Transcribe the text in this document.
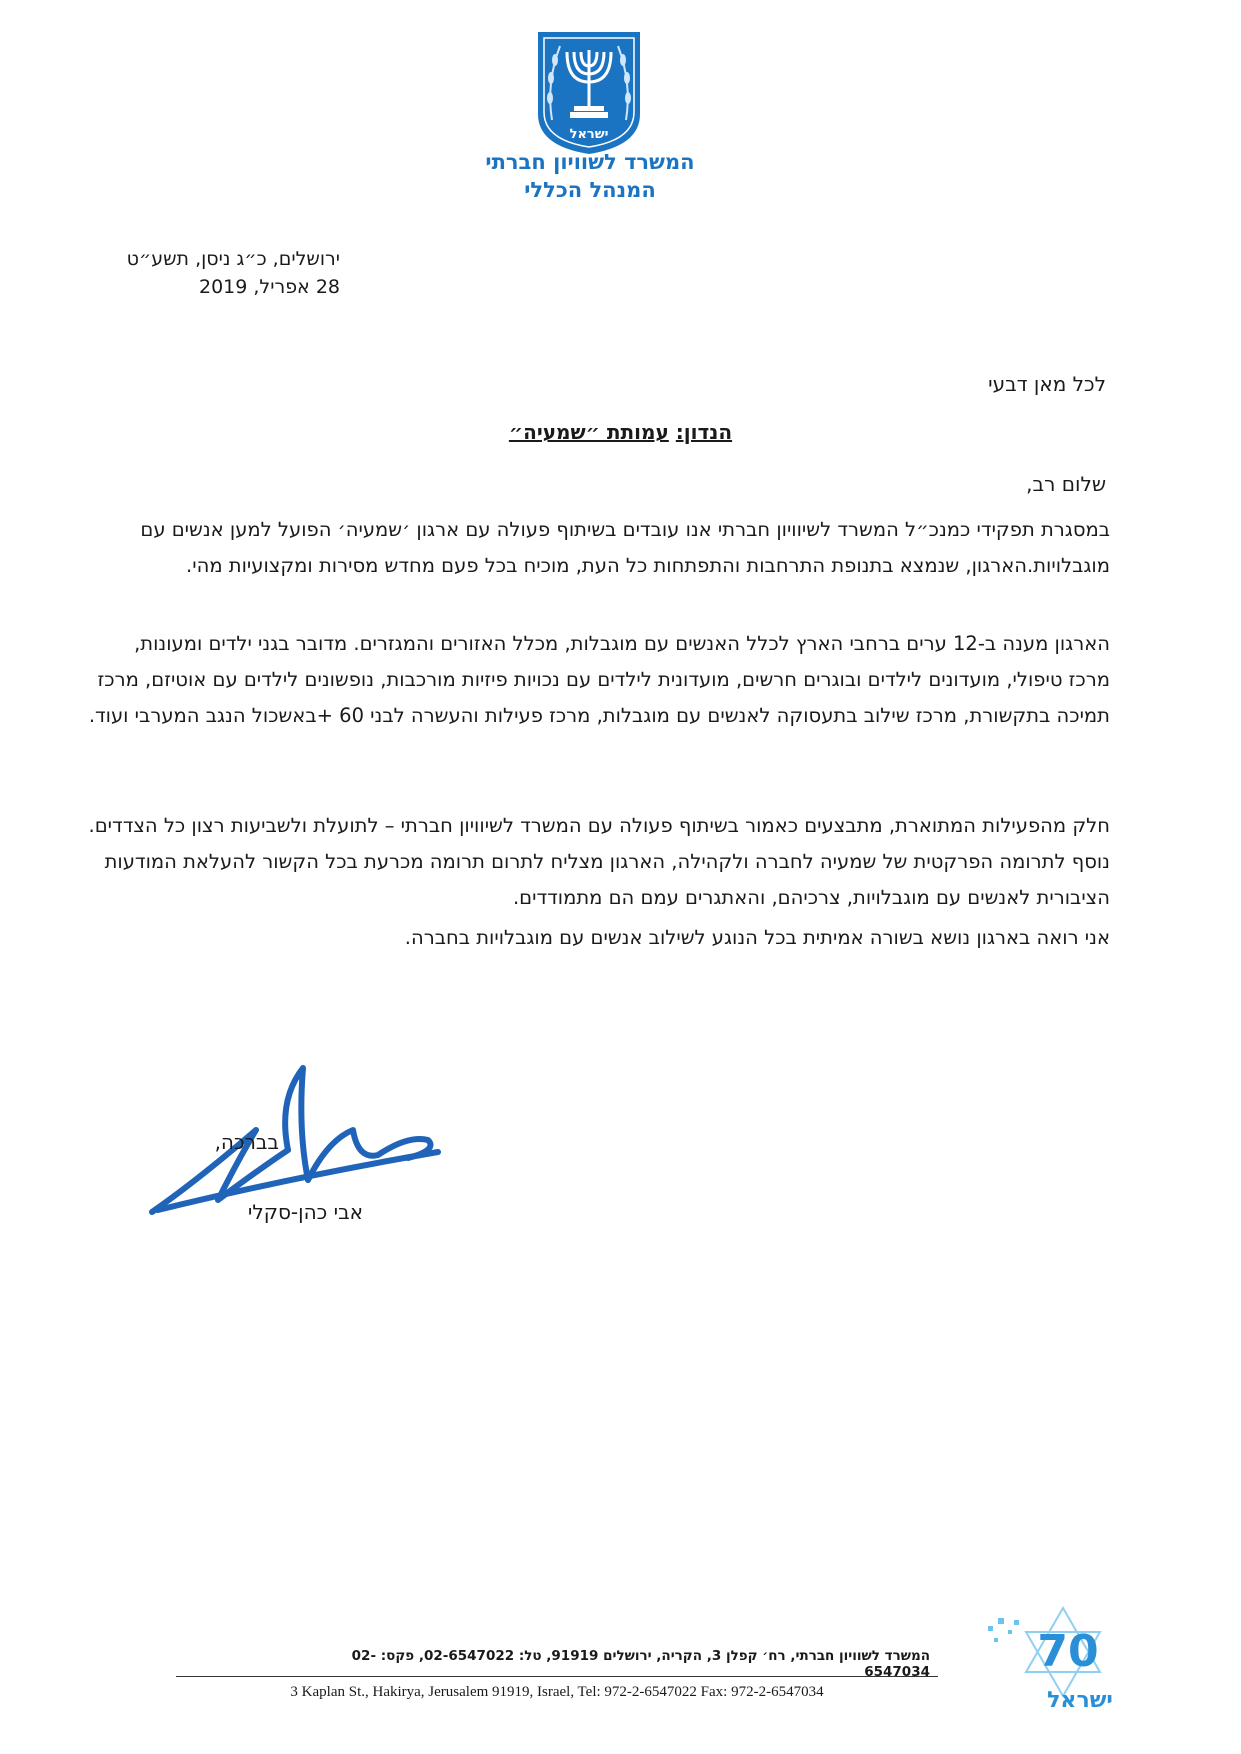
ישראל
המשרד לשוויון חברתי
המנהל הכללי
ירושלים, כ״ג ניסן, תשע״ט
28 אפריל, 2019
לכל מאן דבעי
הנדון: עמותת ״שמעיה״
שלום רב,

במסגרת תפקידי כמנכ״ל המשרד לשיוויון חברתי אנו עובדים בשיתוף פעולה עם ארגון ׳שמעיה׳ הפועל למען אנשים עם מוגבלויות.הארגון, שנמצא בתנופת התרחבות והתפתחות כל העת, מוכיח בכל פעם מחדש מסירות ומקצועיות מהי.

הארגון מענה ב-12 ערים ברחבי הארץ לכלל האנשים עם מוגבלות, מכלל האזורים והמגזרים. מדובר בגני ילדים ומעונות, מרכז טיפולי, מועדונים לילדים ובוגרים חרשים, מועדונית לילדים עם נכויות פיזיות מורכבות, נופשונים לילדים עם אוטיזם, מרכז תמיכה בתקשורת, מרכז שילוב בתעסוקה לאנשים עם מוגבלות, מרכז פעילות והעשרה לבני 60 +באשכול הנגב המערבי ועוד.

חלק מהפעילות המתוארת, מתבצעים כאמור בשיתוף פעולה עם המשרד לשיוויון חברתי – לתועלת ולשביעות רצון כל הצדדים. נוסף לתרומה הפרקטית של שמעיה לחברה ולקהילה, הארגון מצליח לתרום תרומה מכרעת בכל הקשור להעלאת המודעות הציבורית לאנשים עם מוגבלויות, צרכיהם, והאתגרים עמם הם מתמודדים.

אני רואה בארגון נושא בשורה אמיתית בכל הנוגע לשילוב אנשים עם מוגבלויות בחברה.

בברכה,
אבי כהן-סקלי
המשרד לשוויון חברתי, רח׳ קפלן 3, הקריה, ירושלים 91919, טל: 02-6547022, פקס: 02-6547034
3 Kaplan St., Hakirya, Jerusalem 91919, Israel, Tel: 972-2-6547022 Fax: 972-2-6547034
70
ישראל
